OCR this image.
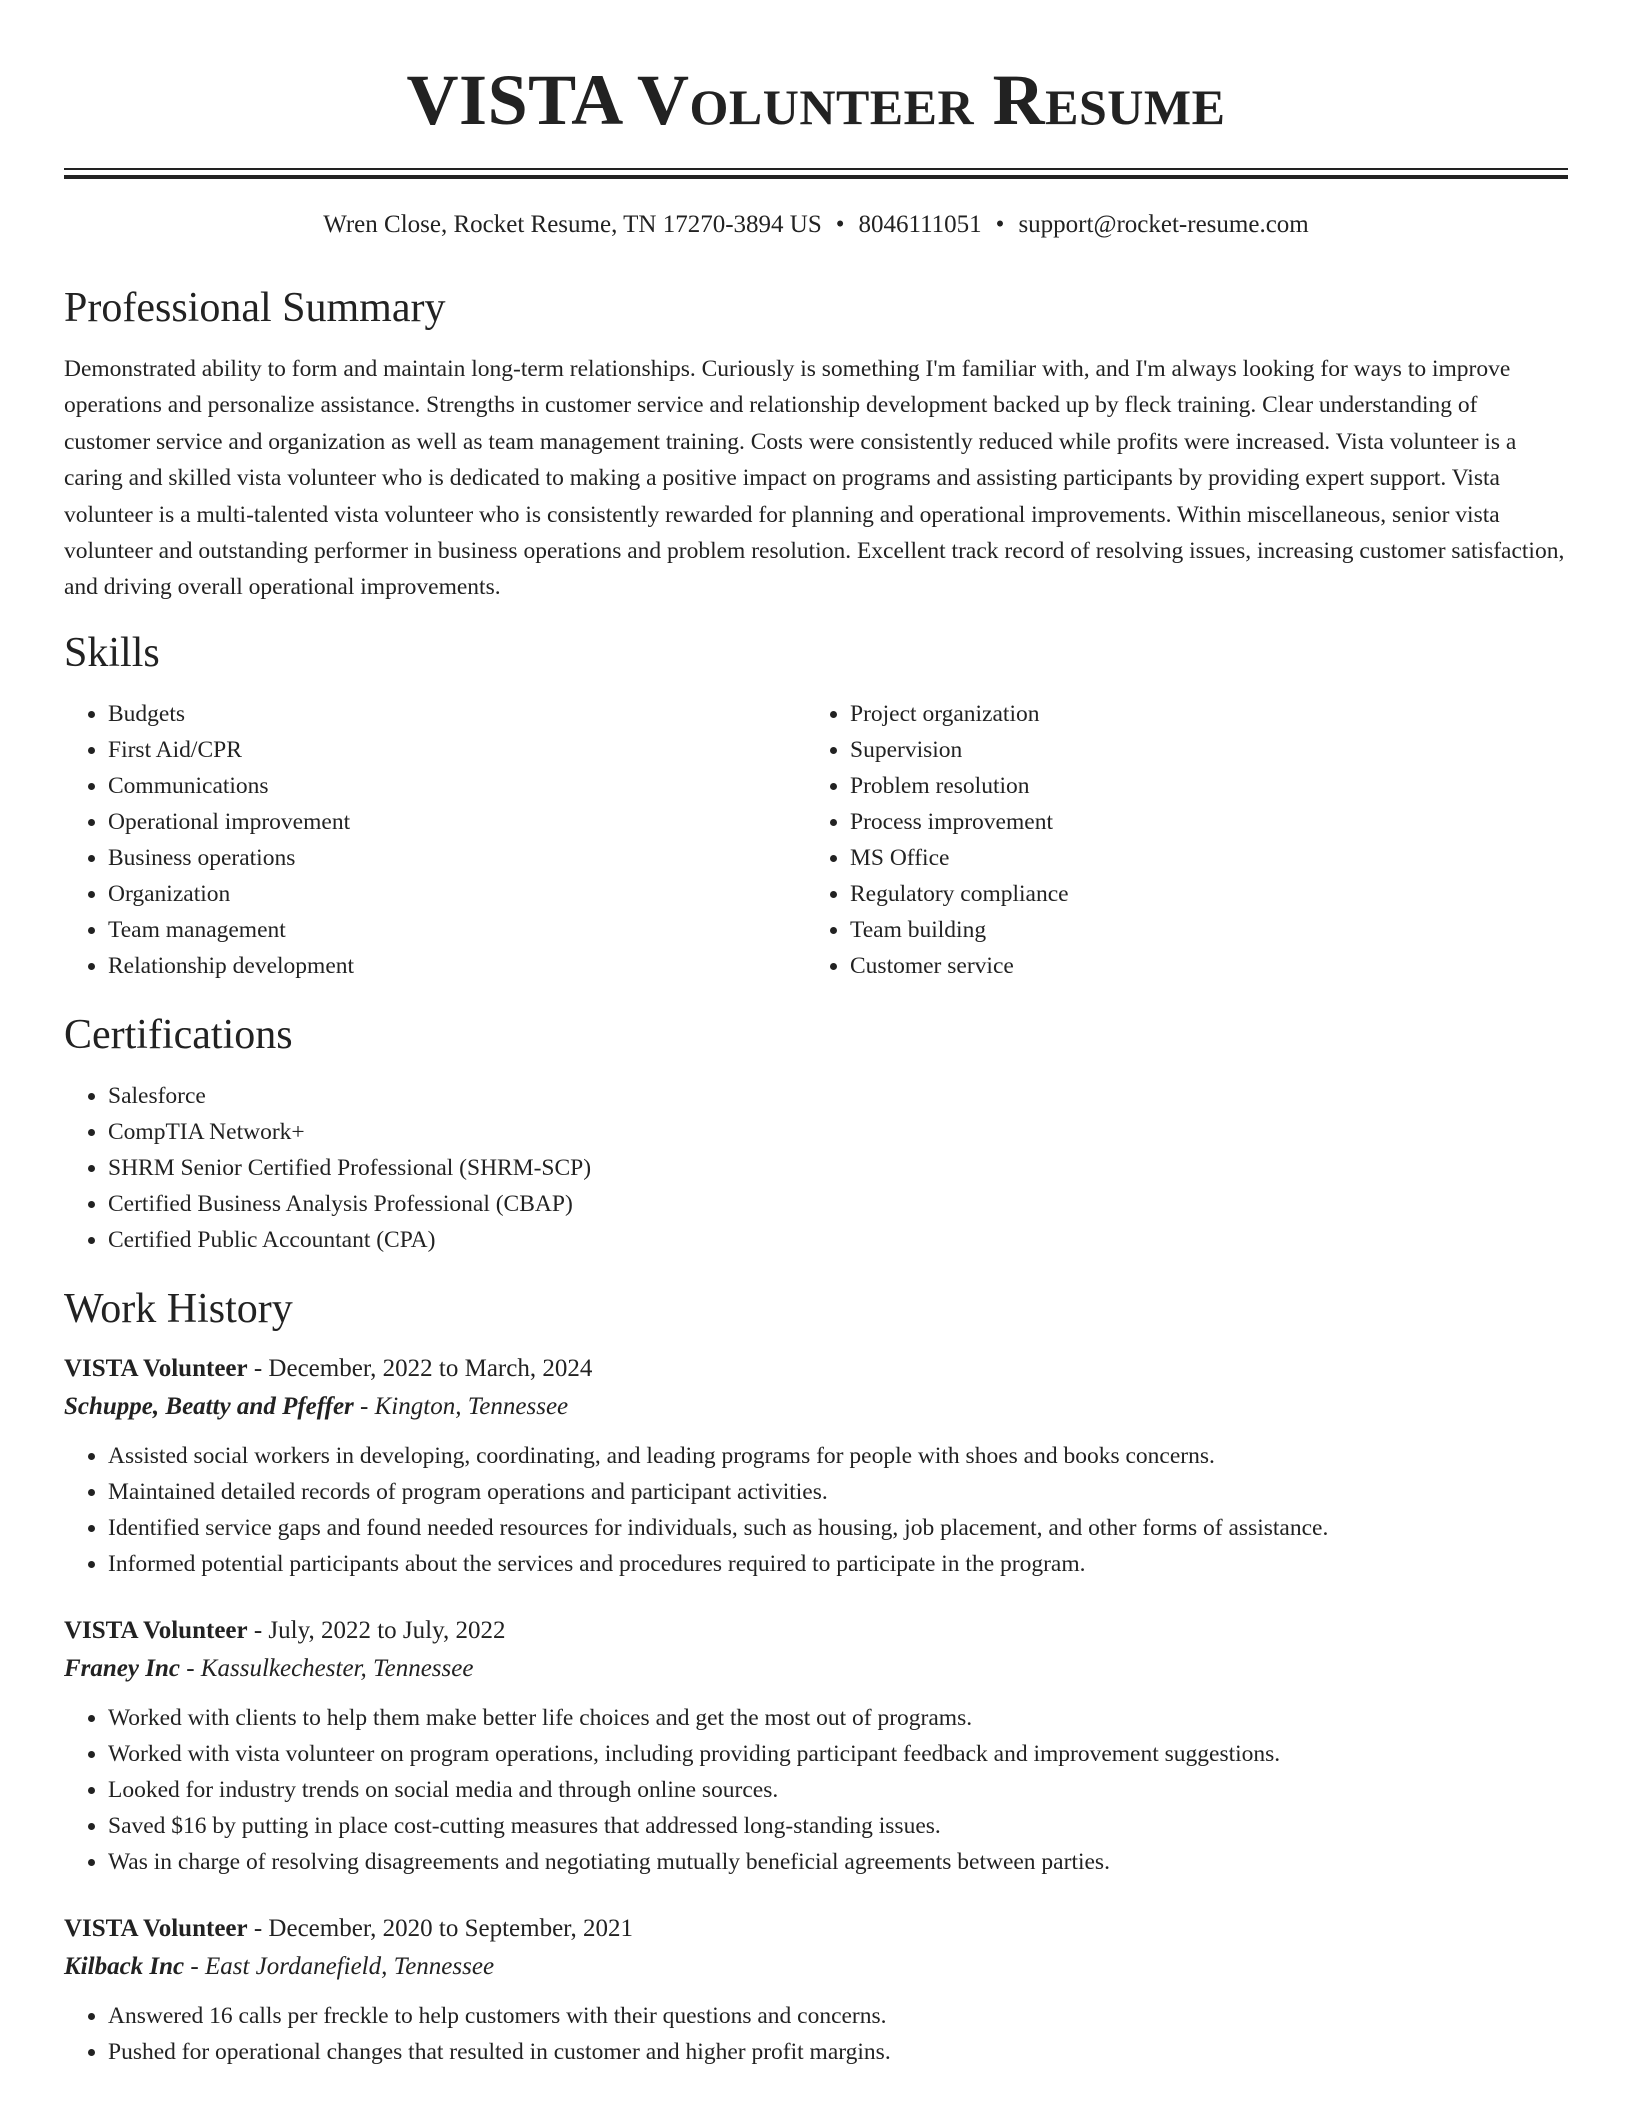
VISTA Volunteer Resume
Wren Close, Rocket Resume, TN 17270-3894 US • 8046111051 • support@rocket-resume.com
Professional Summary

Demonstrated ability to form and maintain long-term relationships. Curiously is something I'm familiar with, and I'm always looking for ways to improve operations and personalize assistance. Strengths in customer service and relationship development backed up by fleck training. Clear understanding of customer service and organization as well as team management training. Costs were consistently reduced while profits were increased. Vista volunteer is a caring and skilled vista volunteer who is dedicated to making a positive impact on programs and assisting participants by providing expert support. Vista volunteer is a multi-talented vista volunteer who is consistently rewarded for planning and operational improvements. Within miscellaneous, senior vista volunteer and outstanding performer in business operations and problem resolution. Excellent track record of resolving issues, increasing customer satisfaction, and driving overall operational improvements.

Skills
• Budgets
• First Aid/CPR
• Communications
• Operational improvement
• Business operations
• Organization
• Team management
• Relationship development
• Project organization
• Supervision
• Problem resolution
• Process improvement
• MS Office
• Regulatory compliance
• Team building
• Customer service
Certifications
• Salesforce
• CompTIA Network+
• SHRM Senior Certified Professional (SHRM-SCP)
• Certified Business Analysis Professional (CBAP)
• Certified Public Accountant (CPA)
Work History
VISTA Volunteer - December, 2022 to March, 2024
Schuppe, Beatty and Pfeffer - Kington, Tennessee
• Assisted social workers in developing, coordinating, and leading programs for people with shoes and books concerns.
• Maintained detailed records of program operations and participant activities.
• Identified service gaps and found needed resources for individuals, such as housing, job placement, and other forms of assistance.
• Informed potential participants about the services and procedures required to participate in the program.
VISTA Volunteer - July, 2022 to July, 2022
Franey Inc - Kassulkechester, Tennessee
• Worked with clients to help them make better life choices and get the most out of programs.
• Worked with vista volunteer on program operations, including providing participant feedback and improvement suggestions.
• Looked for industry trends on social media and through online sources.
• Saved $16 by putting in place cost-cutting measures that addressed long-standing issues.
• Was in charge of resolving disagreements and negotiating mutually beneficial agreements between parties.
VISTA Volunteer - December, 2020 to September, 2021
Kilback Inc - East Jordanefield, Tennessee
• Answered 16 calls per freckle to help customers with their questions and concerns.
• Pushed for operational changes that resulted in customer and higher profit margins.
